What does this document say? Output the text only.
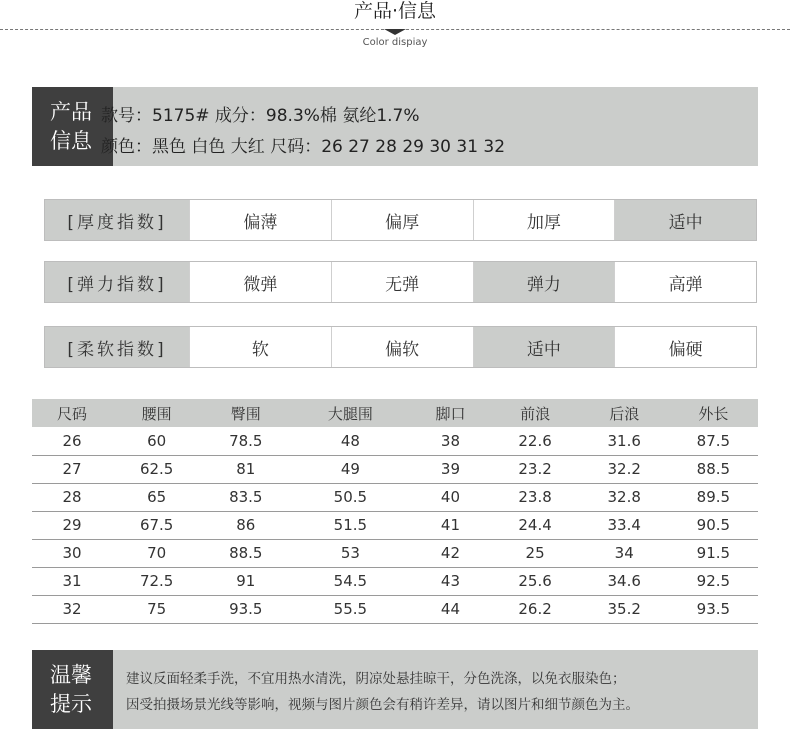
产品·信息
Color dispiay
产品
信息
款号：5175# 成分：98.3%棉 氨纶1.7%
颜色：黑色 白色 大红 尺码：26 27 28 29 30 31 32
[厚度指数]	偏薄	偏厚	加厚	适中
[弹力指数]	微弹	无弹	弹力	高弹
[柔软指数]	软	偏软	适中	偏硬
尺码	腰围	臀围	大腿围	脚口	前浪	后浪	外长
26	60	78.5	48	38	22.6	31.6	87.5
27	62.5	81	49	39	23.2	32.2	88.5
28	65	83.5	50.5	40	23.8	32.8	89.5
29	67.5	86	51.5	41	24.4	33.4	90.5
30	70	88.5	53	42	25	34	91.5
31	72.5	91	54.5	43	25.6	34.6	92.5
32	75	93.5	55.5	44	26.2	35.2	93.5
温馨
提示
建议反面轻柔手洗，不宜用热水清洗，阴凉处悬挂晾干，分色洗涤，以免衣服染色；
因受拍摄场景光线等影响，视频与图片颜色会有稍许差异，请以图片和细节颜色为主。
